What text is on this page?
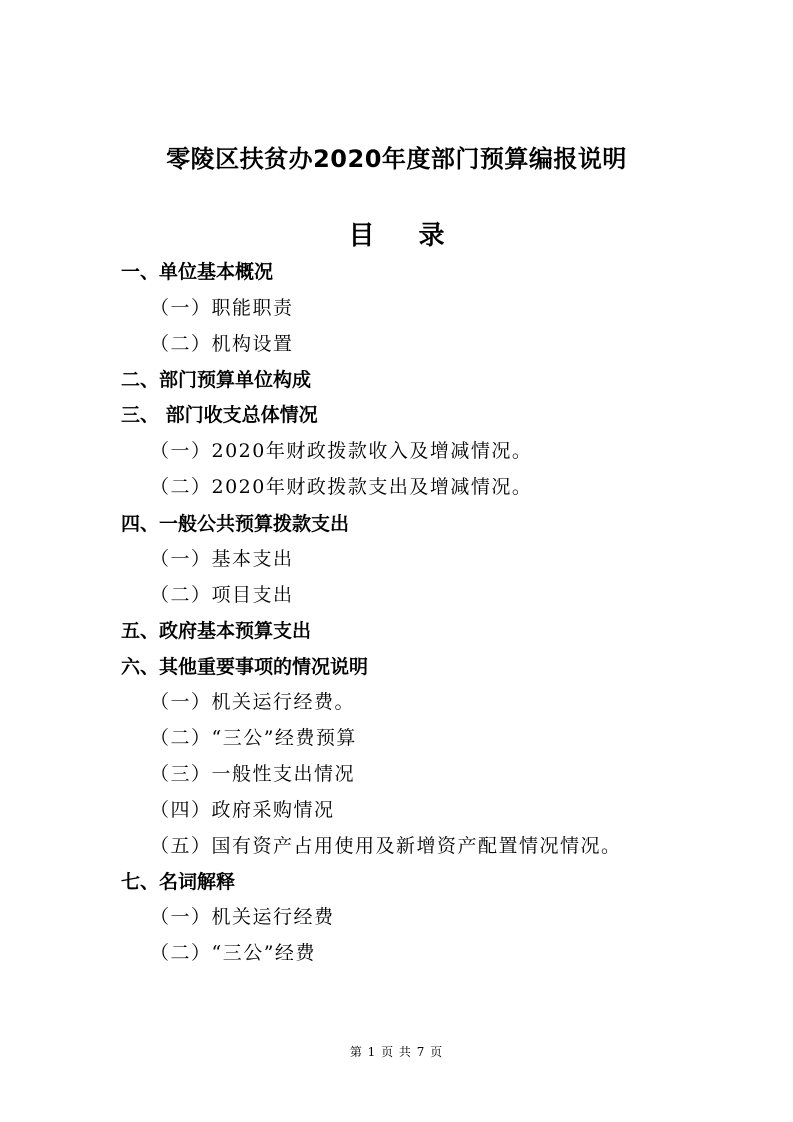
零陵区扶贫办2020年度部门预算编报说明
目录
一、单位基本概况
（一）职能职责
（二）机构设置
二、部门预算单位构成
三、 部门收支总体情况
（一）2020年财政拨款收入及增减情况。
（二）2020年财政拨款支出及增减情况。
四、一般公共预算拨款支出
（一）基本支出
（二）项目支出
五、政府基本预算支出
六、其他重要事项的情况说明
（一）机关运行经费。
（二）“三公”经费预算
（三）一般性支出情况
（四）政府采购情况
（五）国有资产占用使用及新增资产配置情况情况。
七、名词解释
（一）机关运行经费
（二）“三公”经费
第 1 页 共 7 页
